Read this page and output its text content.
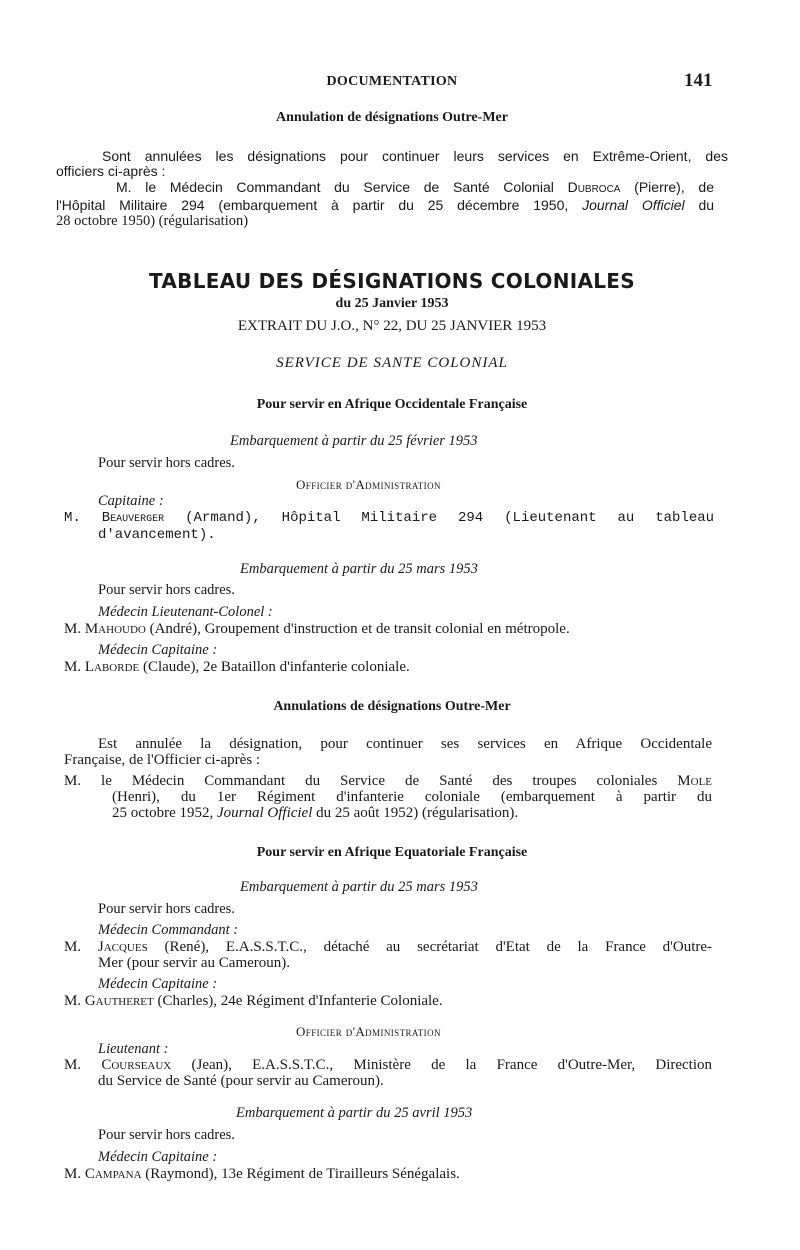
DOCUMENTATION	141
Annulation de désignations Outre-Mer
Sont annulées les désignations pour continuer leurs services en Extrême-Orient, des
officiers ci-après :
M. le Médecin Commandant du Service de Santé Colonial Dubroca (Pierre), de
l'Hôpital Militaire 294 (embarquement à partir du 25 décembre 1950, Journal Officiel du
28 octobre 1950) (régularisation)
TABLEAU DES DÉSIGNATIONS COLONIALES
du 25 Janvier 1953
EXTRAIT DU J.O., N° 22, DU 25 JANVIER 1953
SERVICE DE SANTE COLONIAL
Pour servir en Afrique Occidentale Française
Embarquement à partir du 25 février 1953
Pour servir hors cadres.
Officier d'Administration
Capitaine :
M. Beauverger (Armand), Hôpital Militaire 294 (Lieutenant au tableau
d'avancement).
Embarquement à partir du 25 mars 1953
Pour servir hors cadres.
Médecin Lieutenant-Colonel :
M. Mahoudo (André), Groupement d'instruction et de transit colonial en métropole.
Médecin Capitaine :
M. Laborde (Claude), 2e Bataillon d'infanterie coloniale.
Annulations de désignations Outre-Mer
Est annulée la désignation, pour continuer ses services en Afrique Occidentale
Française, de l'Officier ci-après :
M. le Médecin Commandant du Service de Santé des troupes coloniales Mole
(Henri), du 1er Régiment d'infanterie coloniale (embarquement à partir du
25 octobre 1952, Journal Officiel du 25 août 1952) (régularisation).
Pour servir en Afrique Equatoriale Française
Embarquement à partir du 25 mars 1953
Pour servir hors cadres.
Médecin Commandant :
M. Jacques (René), E.A.S.S.T.C., détaché au secrétariat d'Etat de la France d'Outre-
Mer (pour servir au Cameroun).
Médecin Capitaine :
M. Gautheret (Charles), 24e Régiment d'Infanterie Coloniale.
Officier d'Administration
Lieutenant :
M. Courseaux (Jean), E.A.S.S.T.C., Ministère de la France d'Outre-Mer, Direction
du Service de Santé (pour servir au Cameroun).
Embarquement à partir du 25 avril 1953
Pour servir hors cadres.
Médecin Capitaine :
M. Campana (Raymond), 13e Régiment de Tirailleurs Sénégalais.
